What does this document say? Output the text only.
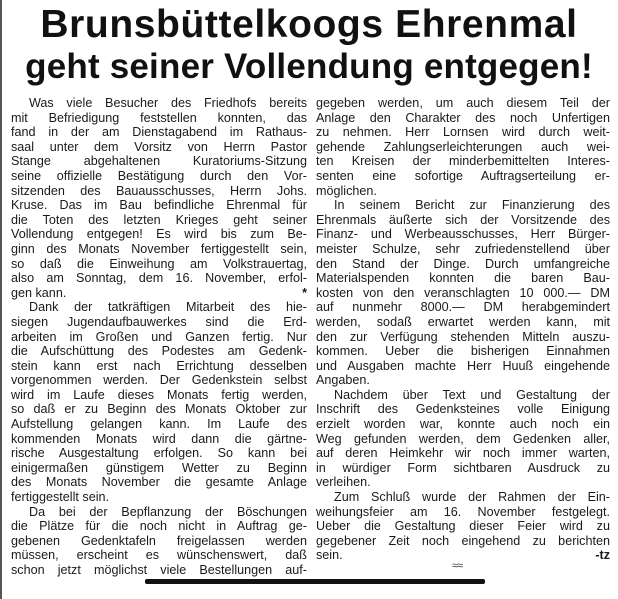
Brunsbüttelkoogs Ehrenmal
geht seiner Vollendung entgegen!
Was viele Besucher des Friedhofs bereits
mit Befriedigung feststellen konnten, das
fand in der am Dienstagabend im Rathaus-
saal unter dem Vorsitz von Herrn Pastor
Stange abgehaltenen Kuratoriums-Sitzung
seine offizielle Bestätigung durch den Vor-
sitzenden des Bauausschusses, Herrn Johs.
Kruse. Das im Bau befindliche Ehrenmal für
die Toten des letzten Krieges geht seiner
Vollendung entgegen! Es wird bis zum Be-
ginn des Monats November fertiggestellt sein,
so daß die Einweihung am Volkstrauertag,
also am Sonntag, dem 16. November, erfol-
*
gen kann.
Dank der tatkräftigen Mitarbeit des hie-
siegen Jugendaufbauwerkes sind die Erd-
arbeiten im Großen und Ganzen fertig. Nur
die Aufschüttung des Podestes am Gedenk-
stein kann erst nach Errichtung desselben
vorgenommen werden. Der Gedenkstein selbst
wird im Laufe dieses Monats fertig werden,
so daß er zu Beginn des Monats Oktober zur
Aufstellung gelangen kann. Im Laufe des
kommenden Monats wird dann die gärtne-
rische Ausgestaltung erfolgen. So kann bei
einigermaßen günstigem Wetter zu Beginn
des Monats November die gesamte Anlage
fertiggestellt sein.
Da bei der Bepflanzung der Böschungen
die Plätze für die noch nicht in Auftrag ge-
gebenen Gedenktafeln freigelassen werden
müssen, erscheint es wünschenswert, daß
schon jetzt möglichst viele Bestellungen auf-
gegeben werden, um auch diesem Teil der
Anlage den Charakter des noch Unfertigen
zu nehmen. Herr Lornsen wird durch weit-
gehende Zahlungserleichterungen auch wei-
ten Kreisen der minderbemittelten Interes-
senten eine sofortige Auftragserteilung er-
möglichen.
In seinem Bericht zur Finanzierung des
Ehrenmals äußerte sich der Vorsitzende des
Finanz- und Werbeausschusses, Herr Bürger-
meister Schulze, sehr zufriedenstellend über
den Stand der Dinge. Durch umfangreiche
Materialspenden konnten die baren Bau-
kosten von den veranschlagten 10 000.— DM
auf nunmehr 8000.— DM herabgemindert
werden, sodaß erwartet werden kann, mit
den zur Verfügung stehenden Mitteln auszu-
kommen. Ueber die bisherigen Einnahmen
und Ausgaben machte Herr Huuß eingehende
Angaben.
Nachdem über Text und Gestaltung der
Inschrift des Gedenksteines volle Einigung
erzielt worden war, konnte auch noch ein
Weg gefunden werden, dem Gedenken aller,
auf deren Heimkehr wir noch immer warten,
in würdiger Form sichtbaren Ausdruck zu
verleihen.
Zum Schluß wurde der Rahmen der Ein-
weihungsfeier am 16. November festgelegt.
Ueber die Gestaltung dieser Feier wird zu
gegebener Zeit noch eingehend zu berichten
-tz
sein.
≈≈
